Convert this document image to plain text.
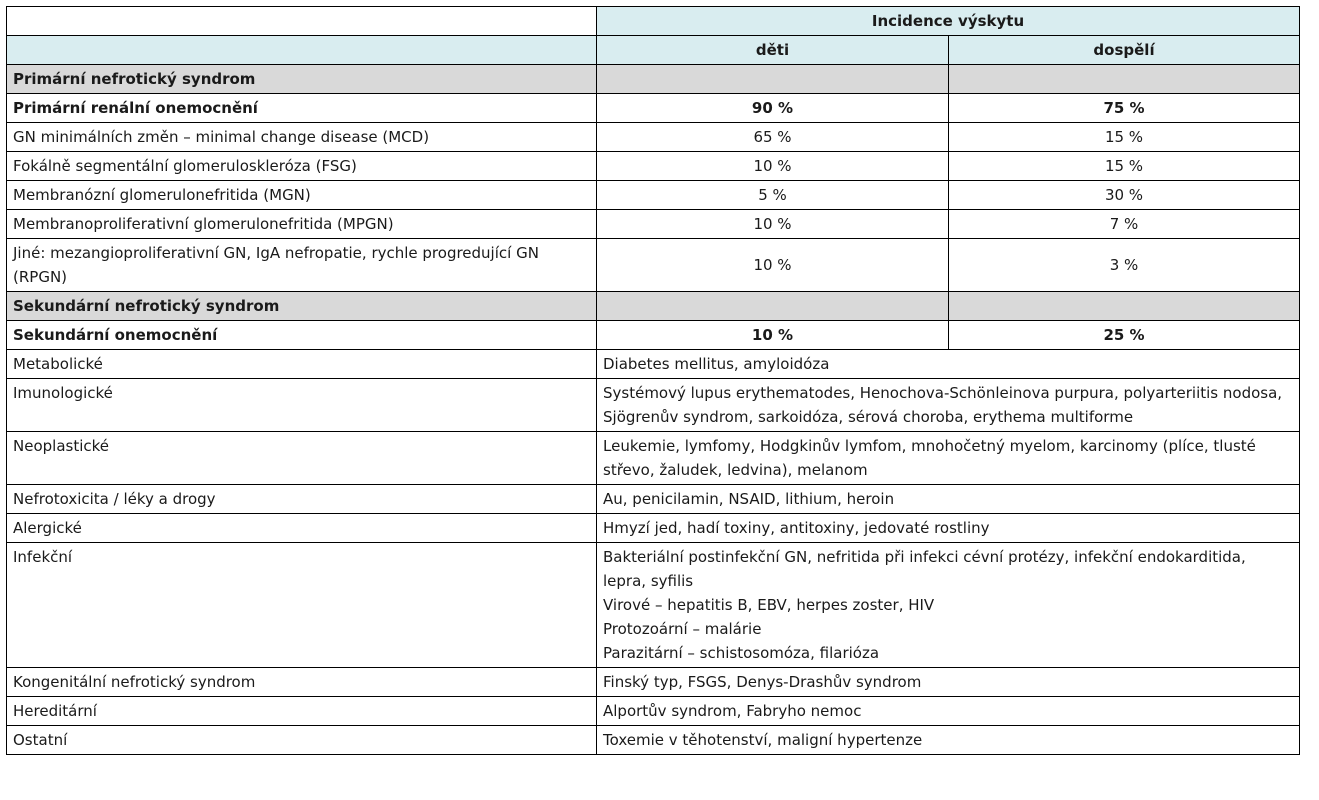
	Incidence výskytu	
	děti	dospělí
Primární nefrotický syndrom		
Primární renální onemocnění	90 %	75 %
GN minimálních změn – minimal change disease (MCD)	65 %	15 %
Fokálně segmentální glomeruloskleróza (FSG)	10 %	15 %
Membranózní glomerulonefritida (MGN)	5 %	30 %
Membranoproliferativní glomerulonefritida (MPGN)	10 %	7 %
Jiné: mezangioproliferativní GN, IgA nefropatie, rychle progredující GN (RPGN)	10 %	3 %
Sekundární nefrotický syndrom		
Sekundární onemocnění	10 %	25 %
Metabolické	Diabetes mellitus, amyloidóza	

Imunologické	Systémový lupus erythematodes, Henochova-Schönleinova purpura, polyarteriitis nodosa, Sjögrenův syndrom, sarkoidóza, sérová choroba, erythema multiforme	

Neoplastické	Leukemie, lymfomy, Hodgkinův lymfom, mnohočetný myelom, karcinomy (plíce, tlusté střevo, žaludek, ledvina), melanom	

Nefrotoxicita / léky a drogy	Au, penicilamin, NSAID, lithium, heroin	

Alergické	Hmyzí jed, hadí toxiny, antitoxiny, jedovaté rostliny	

Infekční	Bakteriální postinfekční GN, nefritida při infekci cévní protézy, infekční endokarditida, lepra, syfilis
Virové – hepatitis B, EBV, herpes zoster, HIV
Protozoární – malárie
Parazitární – schistosomóza, filarióza	

Kongenitální nefrotický syndrom	Finský typ, FSGS, Denys-Drashův syndrom	

Hereditární	Alportův syndrom, Fabryho nemoc	

Ostatní	Toxemie v těhotenství, maligní hypertenze	
